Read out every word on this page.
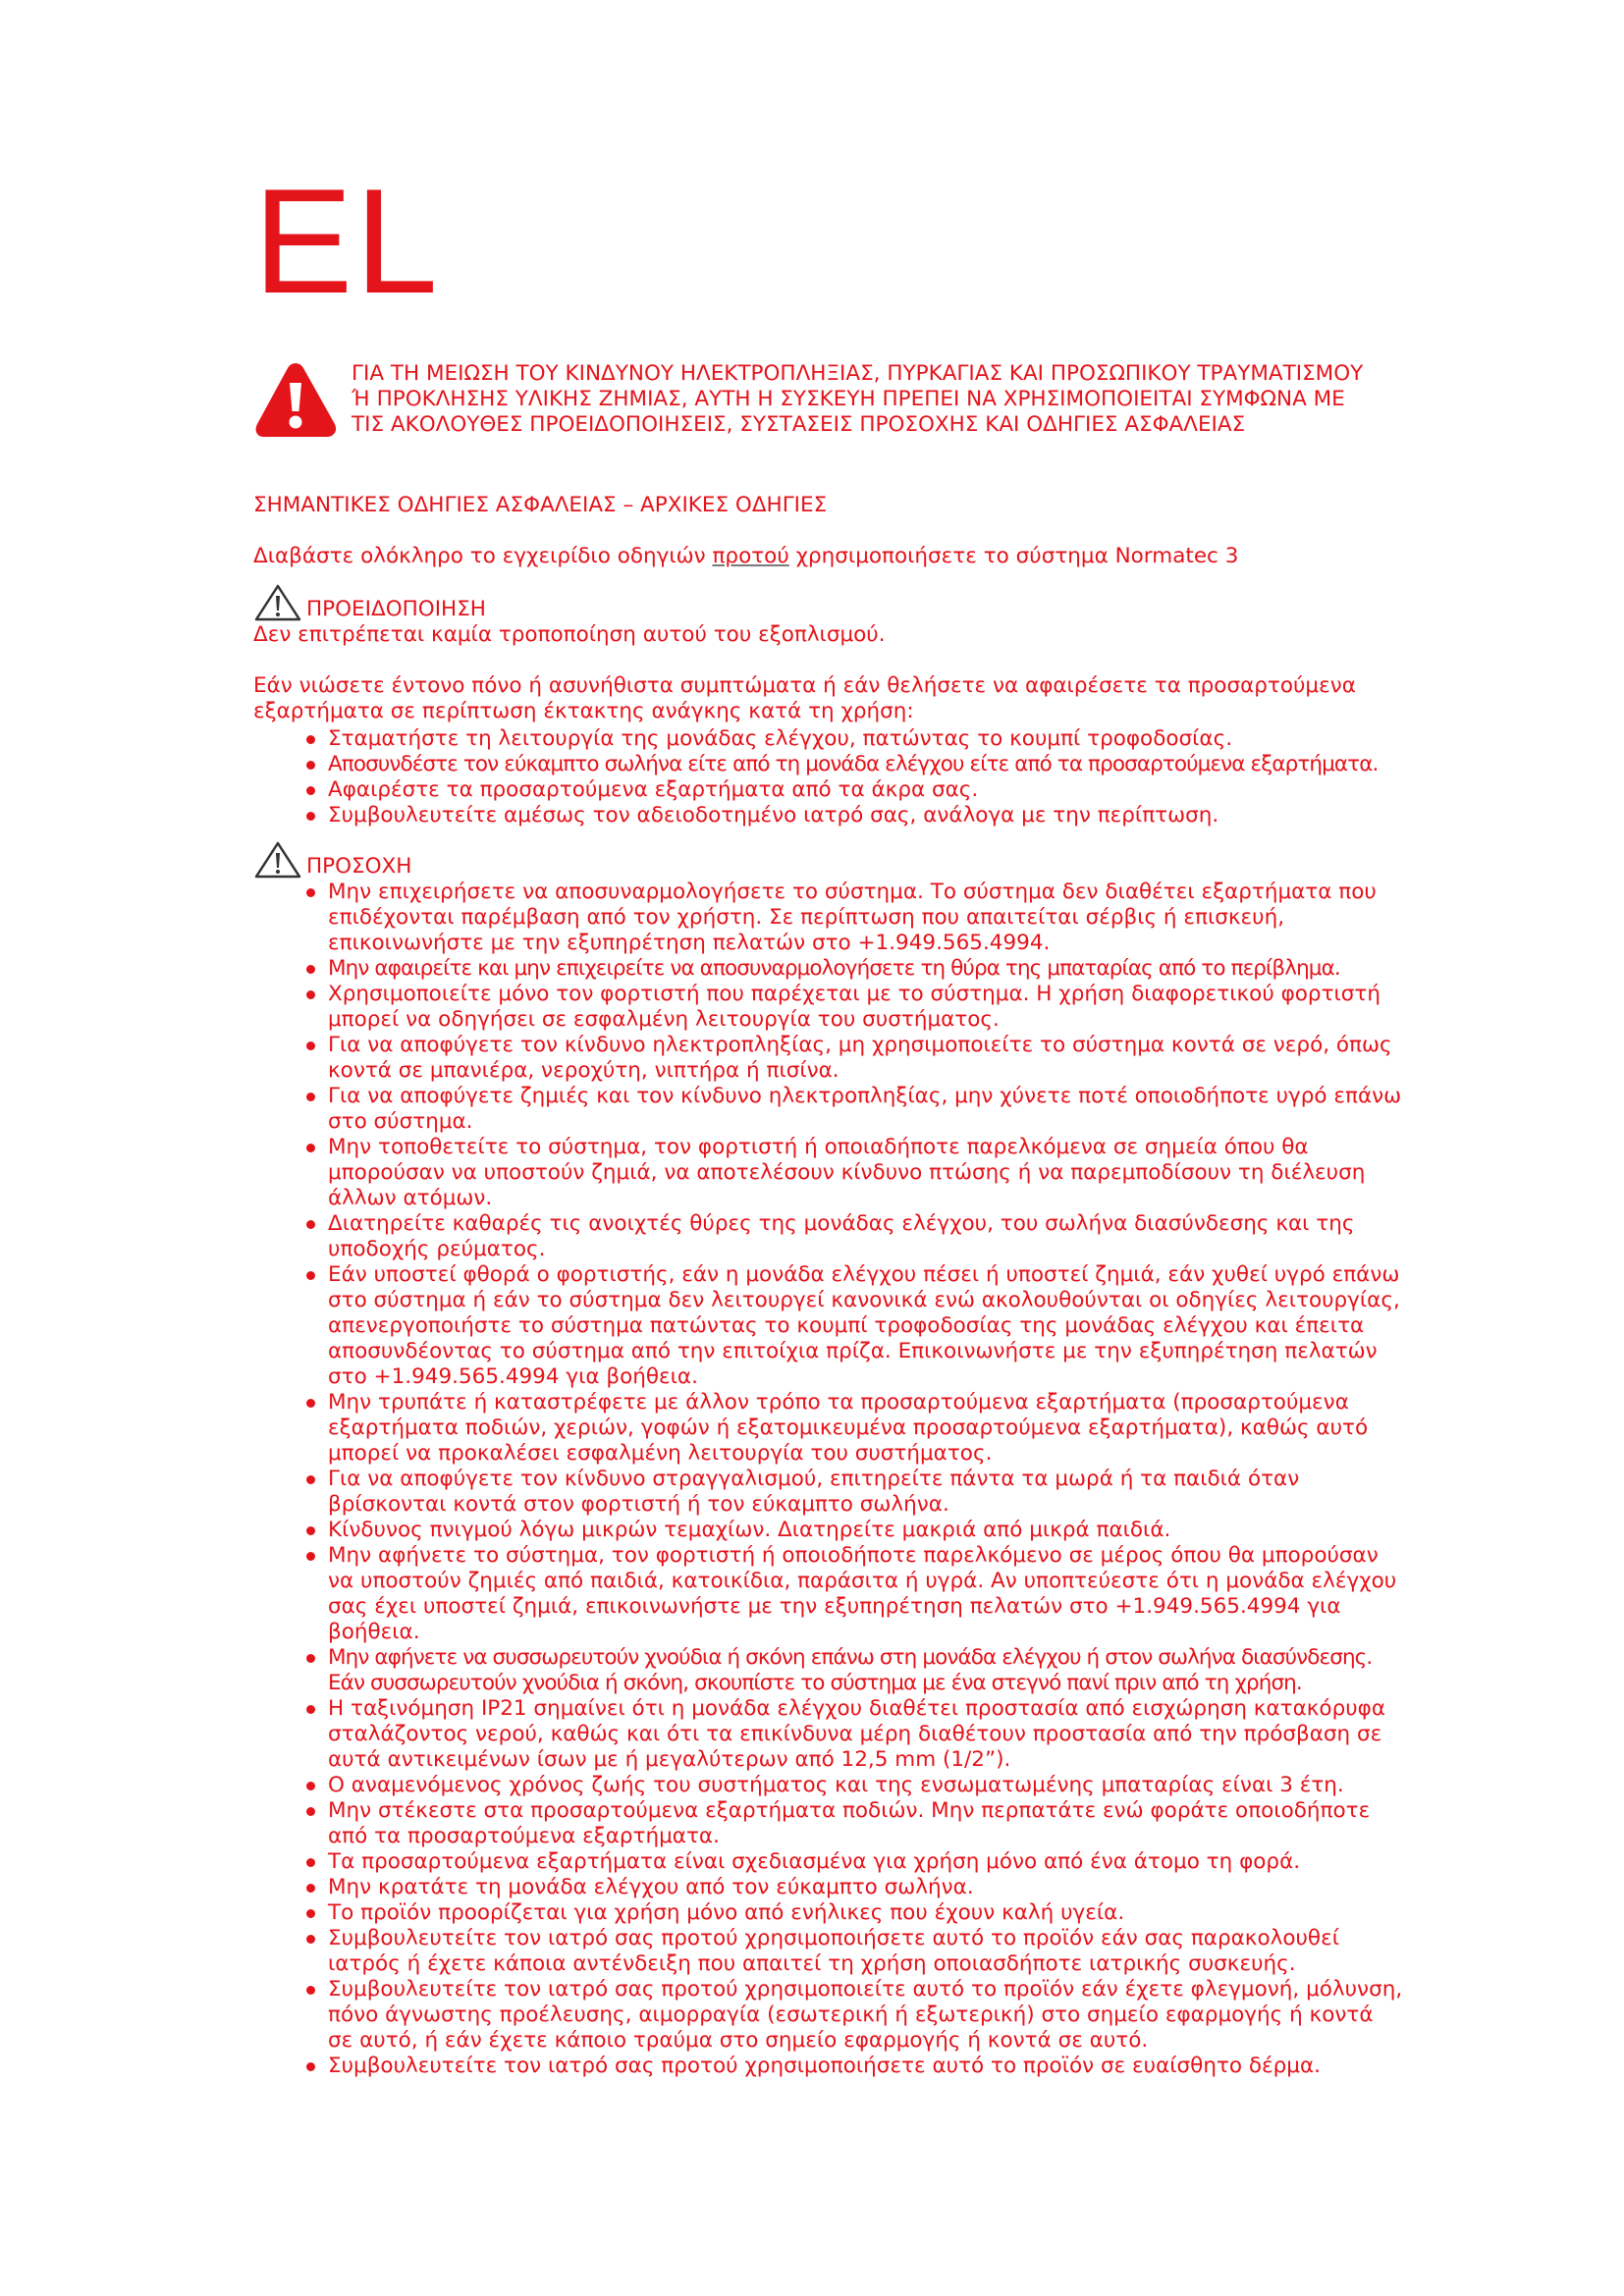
EL

ΓΙΑ ΤΗ ΜΕΙΩΣΗ ΤΟΥ ΚΙΝΔΥΝΟΥ ΗΛΕΚΤΡΟΠΛΗΞΙΑΣ, ΠΥΡΚΑΓΙΑΣ ΚΑΙ ΠΡΟΣΩΠΙΚΟΥ ΤΡΑΥΜΑΤΙΣΜΟΥ Ή ΠΡΟΚΛΗΣΗΣ ΥΛΙΚΗΣ ΖΗΜΙΑΣ, ΑΥΤΗ Η ΣΥΣΚΕΥΗ ΠΡΕΠΕΙ ΝΑ ΧΡΗΣΙΜΟΠΟΙΕΙΤΑΙ ΣΥΜΦΩΝΑ ΜΕ ΤΙΣ ΑΚΟΛΟΥΘΕΣ ΠΡΟΕΙΔΟΠΟΙΗΣΕΙΣ, ΣΥΣΤΑΣΕΙΣ ΠΡΟΣΟΧΗΣ ΚΑΙ ΟΔΗΓΙΕΣ ΑΣΦΑΛΕΙΑΣ

ΣΗΜΑΝΤΙΚΕΣ ΟΔΗΓΙΕΣ ΑΣΦΑΛΕΙΑΣ – ΑΡΧΙΚΕΣ ΟΔΗΓΙΕΣ

Διαβάστε ολόκληρο το εγχειρίδιο οδηγιών προτού χρησιμοποιήσετε το σύστημα Normatec 3

ΠΡΟΕΙΔΟΠΟΙΗΣΗ

Δεν επιτρέπεται καμία τροποποίηση αυτού του εξοπλισμού.

Εάν νιώσετε έντονο πόνο ή ασυνήθιστα συμπτώματα ή εάν θελήσετε να αφαιρέσετε τα προσαρτούμενα εξαρτήματα σε περίπτωση έκτακτης ανάγκης κατά τη χρήση:

Σταματήστε τη λειτουργία της μονάδας ελέγχου, πατώντας το κουμπί τροφοδοσίας.
Αποσυνδέστε τον εύκαμπτο σωλήνα είτε από τη μονάδα ελέγχου είτε από τα προσαρτούμενα εξαρτήματα.
Αφαιρέστε τα προσαρτούμενα εξαρτήματα από τα άκρα σας.
Συμβουλευτείτε αμέσως τον αδειοδοτημένο ιατρό σας, ανάλογα με την περίπτωση.
ΠΡΟΣΟΧΗ
Μην επιχειρήσετε να αποσυναρμολογήσετε το σύστημα. Το σύστημα δεν διαθέτει εξαρτήματα που επιδέχονται παρέμβαση από τον χρήστη. Σε περίπτωση που απαιτείται σέρβις ή επισκευή, επικοινωνήστε με την εξυπηρέτηση πελατών στο +1.949.565.4994.
Μην αφαιρείτε και μην επιχειρείτε να αποσυναρμολογήσετε τη θύρα της μπαταρίας από το περίβλημα.
Χρησιμοποιείτε μόνο τον φορτιστή που παρέχεται με το σύστημα. Η χρήση διαφορετικού φορτιστή μπορεί να οδηγήσει σε εσφαλμένη λειτουργία του συστήματος.
Για να αποφύγετε τον κίνδυνο ηλεκτροπληξίας, μη χρησιμοποιείτε το σύστημα κοντά σε νερό, όπως κοντά σε μπανιέρα, νεροχύτη, νιπτήρα ή πισίνα.
Για να αποφύγετε ζημιές και τον κίνδυνο ηλεκτροπληξίας, μην χύνετε ποτέ οποιοδήποτε υγρό επάνω στο σύστημα.
Μην τοποθετείτε το σύστημα, τον φορτιστή ή οποιαδήποτε παρελκόμενα σε σημεία όπου θα μπορούσαν να υποστούν ζημιά, να αποτελέσουν κίνδυνο πτώσης ή να παρεμποδίσουν τη διέλευση άλλων ατόμων.
Διατηρείτε καθαρές τις ανοιχτές θύρες της μονάδας ελέγχου, του σωλήνα διασύνδεσης και της υποδοχής ρεύματος.
Εάν υποστεί φθορά ο φορτιστής, εάν η μονάδα ελέγχου πέσει ή υποστεί ζημιά, εάν χυθεί υγρό επάνω στο σύστημα ή εάν το σύστημα δεν λειτουργεί κανονικά ενώ ακολουθούνται οι οδηγίες λειτουργίας, απενεργοποιήστε το σύστημα πατώντας το κουμπί τροφοδοσίας της μονάδας ελέγχου και έπειτα αποσυνδέοντας το σύστημα από την επιτοίχια πρίζα. Επικοινωνήστε με την εξυπηρέτηση πελατών στο +1.949.565.4994 για βοήθεια.
Μην τρυπάτε ή καταστρέφετε με άλλον τρόπο τα προσαρτούμενα εξαρτήματα (προσαρτούμενα εξαρτήματα ποδιών, χεριών, γοφών ή εξατομικευμένα προσαρτούμενα εξαρτήματα), καθώς αυτό μπορεί να προκαλέσει εσφαλμένη λειτουργία του συστήματος.
Για να αποφύγετε τον κίνδυνο στραγγαλισμού, επιτηρείτε πάντα τα μωρά ή τα παιδιά όταν βρίσκονται κοντά στον φορτιστή ή τον εύκαμπτο σωλήνα.
Κίνδυνος πνιγμού λόγω μικρών τεμαχίων. Διατηρείτε μακριά από μικρά παιδιά.
Μην αφήνετε το σύστημα, τον φορτιστή ή οποιοδήποτε παρελκόμενο σε μέρος όπου θα μπορούσαν να υποστούν ζημιές από παιδιά, κατοικίδια, παράσιτα ή υγρά. Αν υποπτεύεστε ότι η μονάδα ελέγχου σας έχει υποστεί ζημιά, επικοινωνήστε με την εξυπηρέτηση πελατών στο +1.949.565.4994 για βοήθεια.
Μην αφήνετε να συσσωρευτούν χνούδια ή σκόνη επάνω στη μονάδα ελέγχου ή στον σωλήνα διασύνδεσης. Εάν συσσωρευτούν χνούδια ή σκόνη, σκουπίστε το σύστημα με ένα στεγνό πανί πριν από τη χρήση.
Η ταξινόμηση IP21 σημαίνει ότι η μονάδα ελέγχου διαθέτει προστασία από εισχώρηση κατακόρυφα σταλάζοντος νερού, καθώς και ότι τα επικίνδυνα μέρη διαθέτουν προστασία από την πρόσβαση σε αυτά αντικειμένων ίσων με ή μεγαλύτερων από 12,5 mm (1/2”).
Ο αναμενόμενος χρόνος ζωής του συστήματος και της ενσωματωμένης μπαταρίας είναι 3 έτη.
Μην στέκεστε στα προσαρτούμενα εξαρτήματα ποδιών. Μην περπατάτε ενώ φοράτε οποιοδήποτε από τα προσαρτούμενα εξαρτήματα.
Τα προσαρτούμενα εξαρτήματα είναι σχεδιασμένα για χρήση μόνο από ένα άτομο τη φορά.
Μην κρατάτε τη μονάδα ελέγχου από τον εύκαμπτο σωλήνα.
Το προϊόν προορίζεται για χρήση μόνο από ενήλικες που έχουν καλή υγεία.
Συμβουλευτείτε τον ιατρό σας προτού χρησιμοποιήσετε αυτό το προϊόν εάν σας παρακολουθεί ιατρός ή έχετε κάποια αντένδειξη που απαιτεί τη χρήση οποιασδήποτε ιατρικής συσκευής.
Συμβουλευτείτε τον ιατρό σας προτού χρησιμοποιείτε αυτό το προϊόν εάν έχετε φλεγμονή, μόλυνση, πόνο άγνωστης προέλευσης, αιμορραγία (εσωτερική ή εξωτερική) στο σημείο εφαρμογής ή κοντά σε αυτό, ή εάν έχετε κάποιο τραύμα στο σημείο εφαρμογής ή κοντά σε αυτό.
Συμβουλευτείτε τον ιατρό σας προτού χρησιμοποιήσετε αυτό το προϊόν σε ευαίσθητο δέρμα.
